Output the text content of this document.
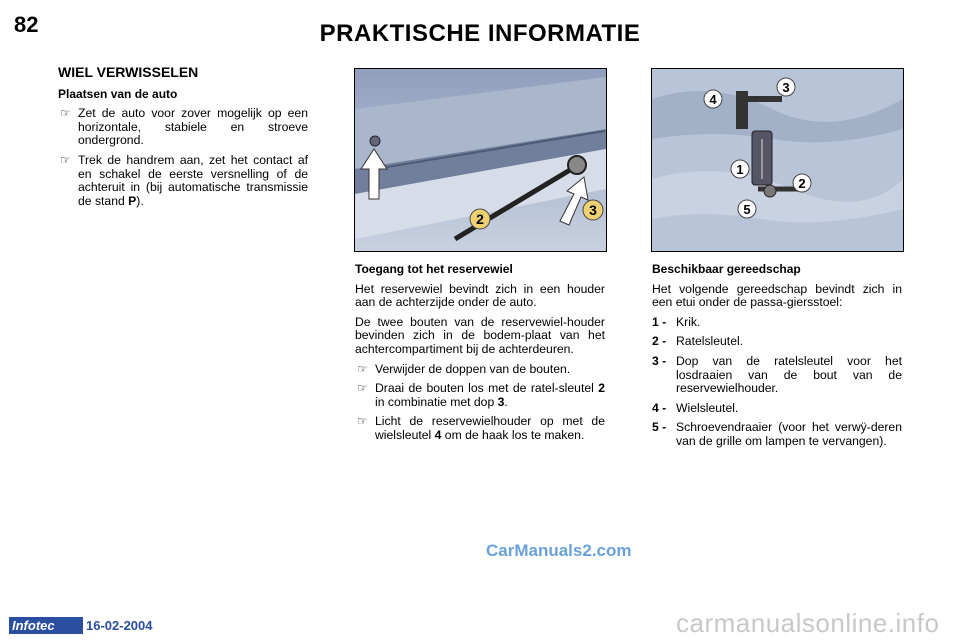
82	PRAKTISCHE INFORMATIE
WIEL VERWISSELEN
Plaatsen van de auto
☞ Zet de auto voor zover mogelijk op een horizontale, stabiele en stroeve ondergrond.
☞ Trek de handrem aan, zet het contact af en schakel de eerste versnelling of de achteruit in (bij automatische transmissie de stand P).
2
3
1
2
3
4
5
Toegang tot het reservewiel

Het reservewiel bevindt zich in een houder aan de achterzijde onder de auto.

De twee bouten van de reservewiel-houder bevinden zich in de bodem-plaat van het achtercompartiment bij de achterdeuren.

☞ Verwijder de doppen van de bouten.
☞ Draai de bouten los met de ratel-sleutel 2 in combinatie met dop 3.
☞ Licht de reservewielhouder op met de wielsleutel 4 om de haak los te maken.
Beschikbaar gereedschap

Het volgende gereedschap bevindt zich in een etui onder de passa-giersstoel:

1 - Krik.
2 - Ratelsleutel.
3 - Dop van de ratelsleutel voor het losdraaien van de bout van de reservewielhouder.
4 - Wielsleutel.
5 - Schroevendraaier (voor het verwÿ-deren van de grille om lampen te vervangen).
CarManuals2.com
carmanualsonline.info
Infotec 16-02-2004
